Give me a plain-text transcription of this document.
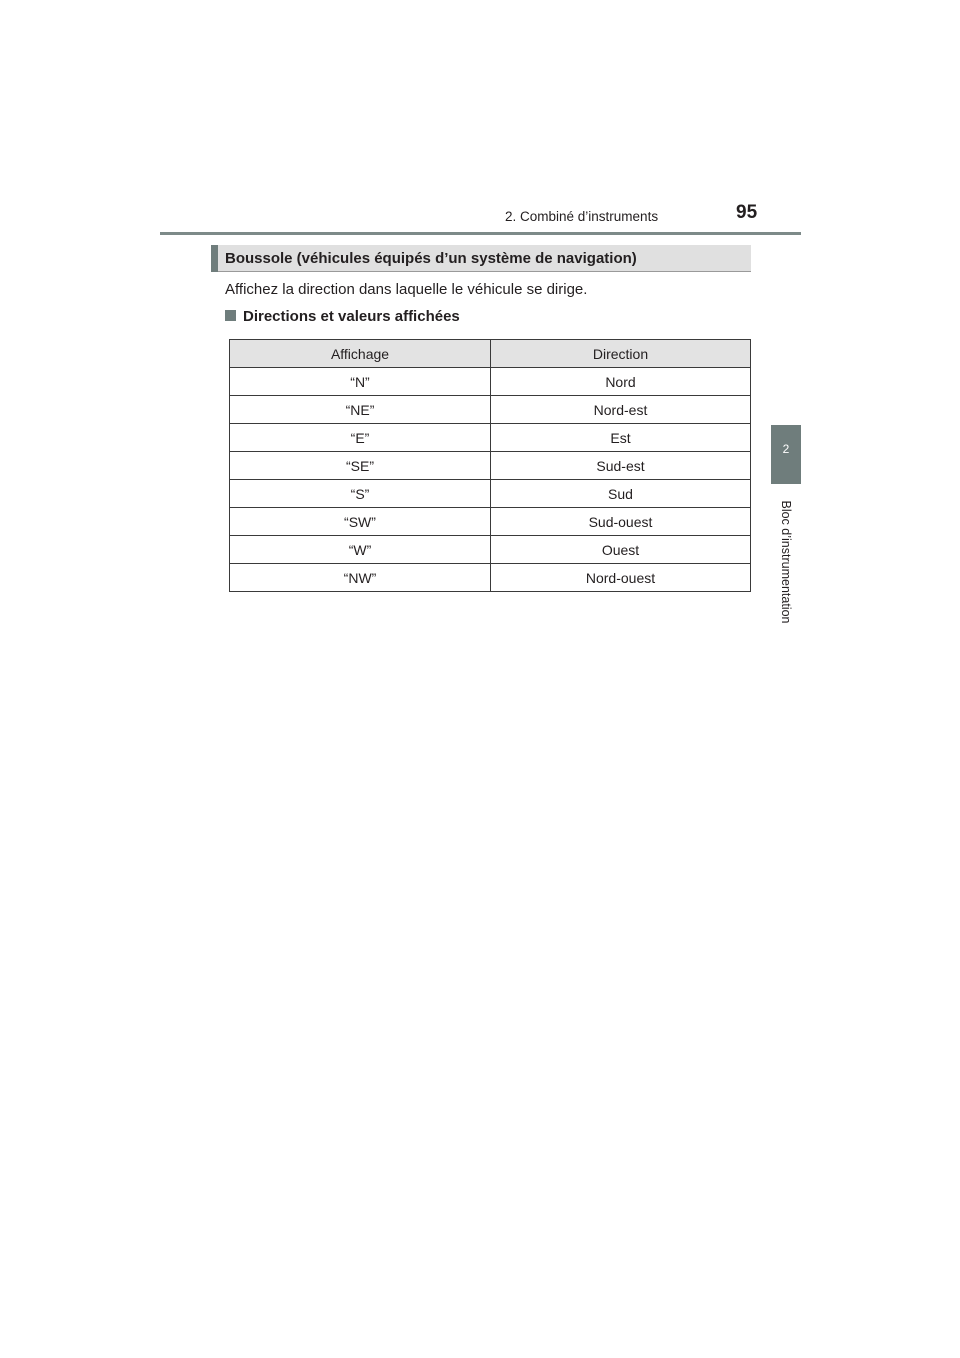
2. Combiné d’instruments	95
2
Bloc d’instrumentation
Boussole (véhicules équipés d’un système de navigation)
Affichez la direction dans laquelle le véhicule se dirige.
Directions et valeurs affichées
Affichage	Direction
“N”	Nord
“NE”	Nord-est
“E”	Est
“SE”	Sud-est
“S”	Sud
“SW”	Sud-ouest
“W”	Ouest
“NW”	Nord-ouest
